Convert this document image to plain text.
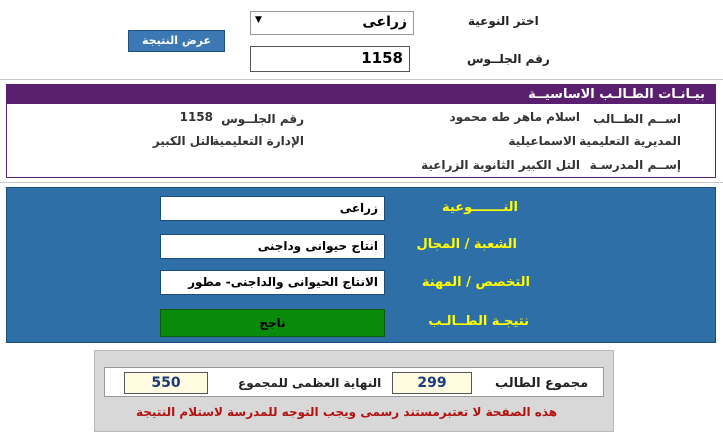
اختر النوعية
▼	زراعى
عرض النتيجة
رقم الجلــوس
1158
بيـانـات الطـالـب الاساسيــة
اســم الطــالب
اسلام ماهر طه محمود
رقم الجلــوس
1158
المديرية التعليمية
الاسماعيلية
الإدارة التعليمية
التل الكبير
إســم المدرسـة
التل الكبير الثانوية الزراعية
زراعى	النـــــــوعية
انتاج حيوانى وداجنى	الشعبة / المجال
الانتاج الحيوانى والداجنى- مطور	التخصص / المهنة
ناجح	نتيجـة الطــالـب
مجموع الطالب
299
النهاية العظمى للمجموع
550
هذه الصفحة لا تعتبرمستند رسمى ويجب التوجه للمدرسة لاستلام النتيجة
